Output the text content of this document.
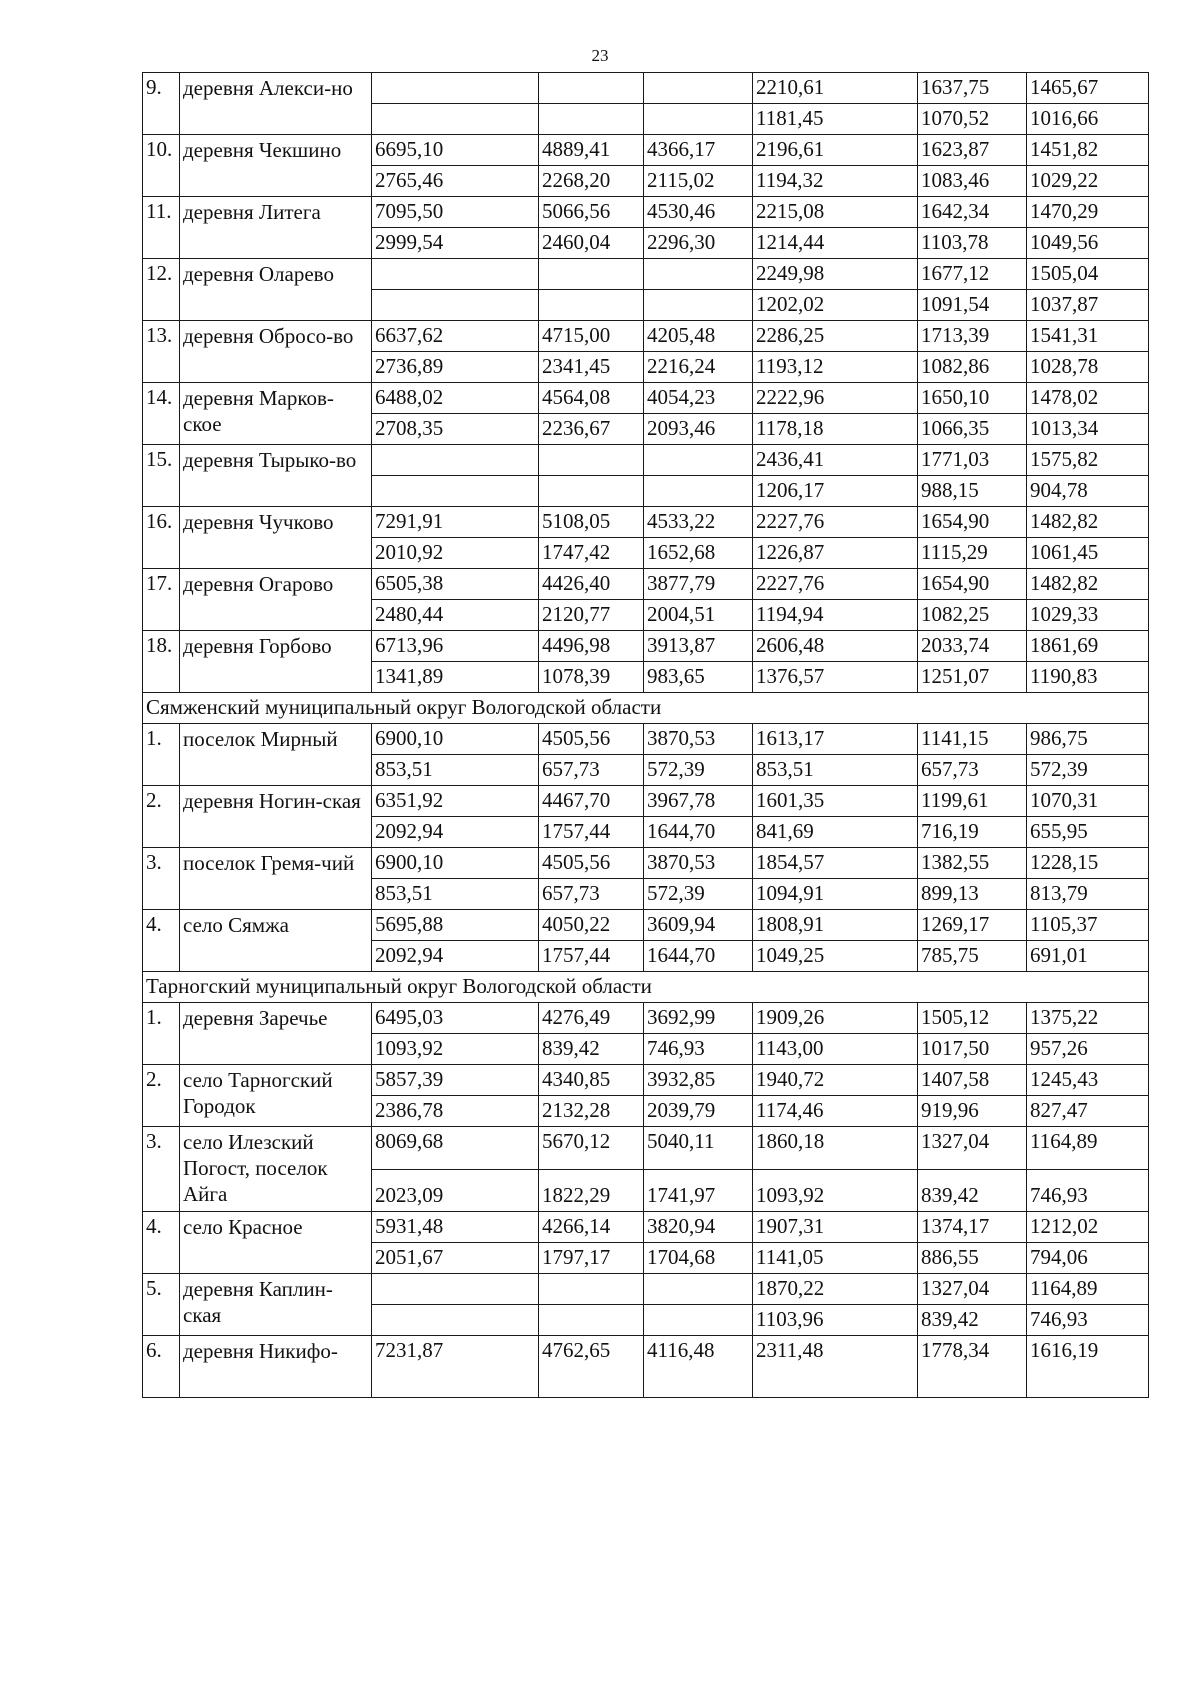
23
9.	деревня Алекси-но				2210,61	1637,75	1465,67
					1181,45	1070,52	1016,66
10.	деревня Чекшино	6695,10	4889,41	4366,17	2196,61	1623,87	1451,82
		2765,46	2268,20	2115,02	1194,32	1083,46	1029,22
11.	деревня Литега	7095,50	5066,56	4530,46	2215,08	1642,34	1470,29
		2999,54	2460,04	2296,30	1214,44	1103,78	1049,56
12.	деревня Оларево				2249,98	1677,12	1505,04
					1202,02	1091,54	1037,87
13.	деревня Обросо-во	6637,62	4715,00	4205,48	2286,25	1713,39	1541,31
		2736,89	2341,45	2216,24	1193,12	1082,86	1028,78
14.	деревня Марков-ское	6488,02	4564,08	4054,23	2222,96	1650,10	1478,02
		2708,35	2236,67	2093,46	1178,18	1066,35	1013,34
15.	деревня Тырыко-во				2436,41	1771,03	1575,82
					1206,17	988,15	904,78
16.	деревня Чучково	7291,91	5108,05	4533,22	2227,76	1654,90	1482,82
		2010,92	1747,42	1652,68	1226,87	1115,29	1061,45
17.	деревня Огарово	6505,38	4426,40	3877,79	2227,76	1654,90	1482,82
		2480,44	2120,77	2004,51	1194,94	1082,25	1029,33
18.	деревня Горбово	6713,96	4496,98	3913,87	2606,48	2033,74	1861,69
		1341,89	1078,39	983,65	1376,57	1251,07	1190,83
Сямженский муниципальный округ Вологодской области							
1.	поселок Мирный	6900,10	4505,56	3870,53	1613,17	1141,15	986,75
		853,51	657,73	572,39	853,51	657,73	572,39
2.	деревня Ногин-ская	6351,92	4467,70	3967,78	1601,35	1199,61	1070,31
		2092,94	1757,44	1644,70	841,69	716,19	655,95
3.	поселок Гремя-чий	6900,10	4505,56	3870,53	1854,57	1382,55	1228,15
		853,51	657,73	572,39	1094,91	899,13	813,79
4.	село Сямжа	5695,88	4050,22	3609,94	1808,91	1269,17	1105,37
		2092,94	1757,44	1644,70	1049,25	785,75	691,01
Тарногский муниципальный округ Вологодской области							
1.	деревня Заречье	6495,03	4276,49	3692,99	1909,26	1505,12	1375,22
		1093,92	839,42	746,93	1143,00	1017,50	957,26
2.	село Тарногский Городок	5857,39	4340,85	3932,85	1940,72	1407,58	1245,43
		2386,78	2132,28	2039,79	1174,46	919,96	827,47
3.	село Илезский Погост, поселок Айга	8069,68	5670,12	5040,11	1860,18	1327,04	1164,89
		2023,09	1822,29	1741,97	1093,92	839,42	746,93
4.	село Красное	5931,48	4266,14	3820,94	1907,31	1374,17	1212,02
		2051,67	1797,17	1704,68	1141,05	886,55	794,06
5.	деревня Каплин-ская				1870,22	1327,04	1164,89
					1103,96	839,42	746,93
6.	деревня Никифо-	7231,87	4762,65	4116,48	2311,48	1778,34	1616,19
